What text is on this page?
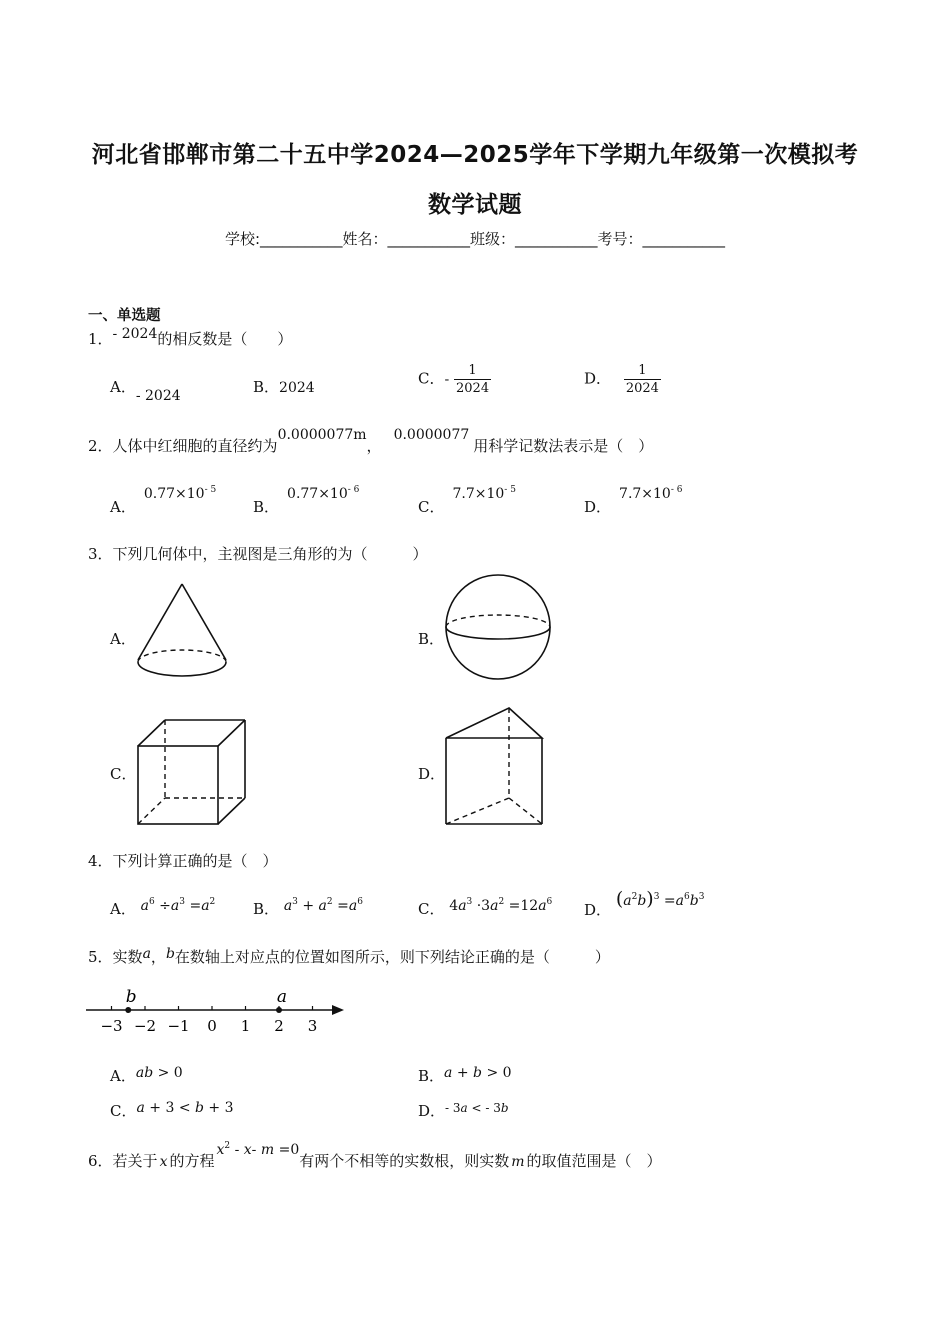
河北省邯郸市第二十五中学2024—2025学年下学期九年级第一次模拟考
数学试题
学校:___________姓名：___________班级：___________考号：___________
一、单选题
1．- 2024的相反数是（　　）
A．- 2024	B．2024
C．- $\frac{1}{2024}$	D． $\frac{1}{2024}$
2．人体中红细胞的直径约为0.0000077m，0.0000077用科学记数法表示是（　）
A．$0.77\times 10^{- 5}$
B．$0.77\times 10^{- 6}$
C．$7.7\times 10^{- 5}$
D．$7.7\times 10^{- 6}$
3．下列几何体中，主视图是三角形的为（　　　）
A．	B．
C．	D．
4．下列计算正确的是（　）
A． $a^6 \div a^3 =a^2$	B． $a^3 + a^2 =a^6$	C． $4a^3 \cdot 3a^2 =12a^6$ D． $(a^2b)^3 =a^6b^3$
5．实数a，b在数轴上对应点的位置如图所示，则下列结论正确的是（　　　）
−3 −2 −1 0 1 2 3
b	a
A．ab > 0	B．a + b > 0
C．a + 3 < b + 3	D．$^{- 3a < - 3b}$
6．若关于 x 的方程$x^2 - x-$ m =0有两个不相等的实数根，则实数 m 的取值范围是（　）
